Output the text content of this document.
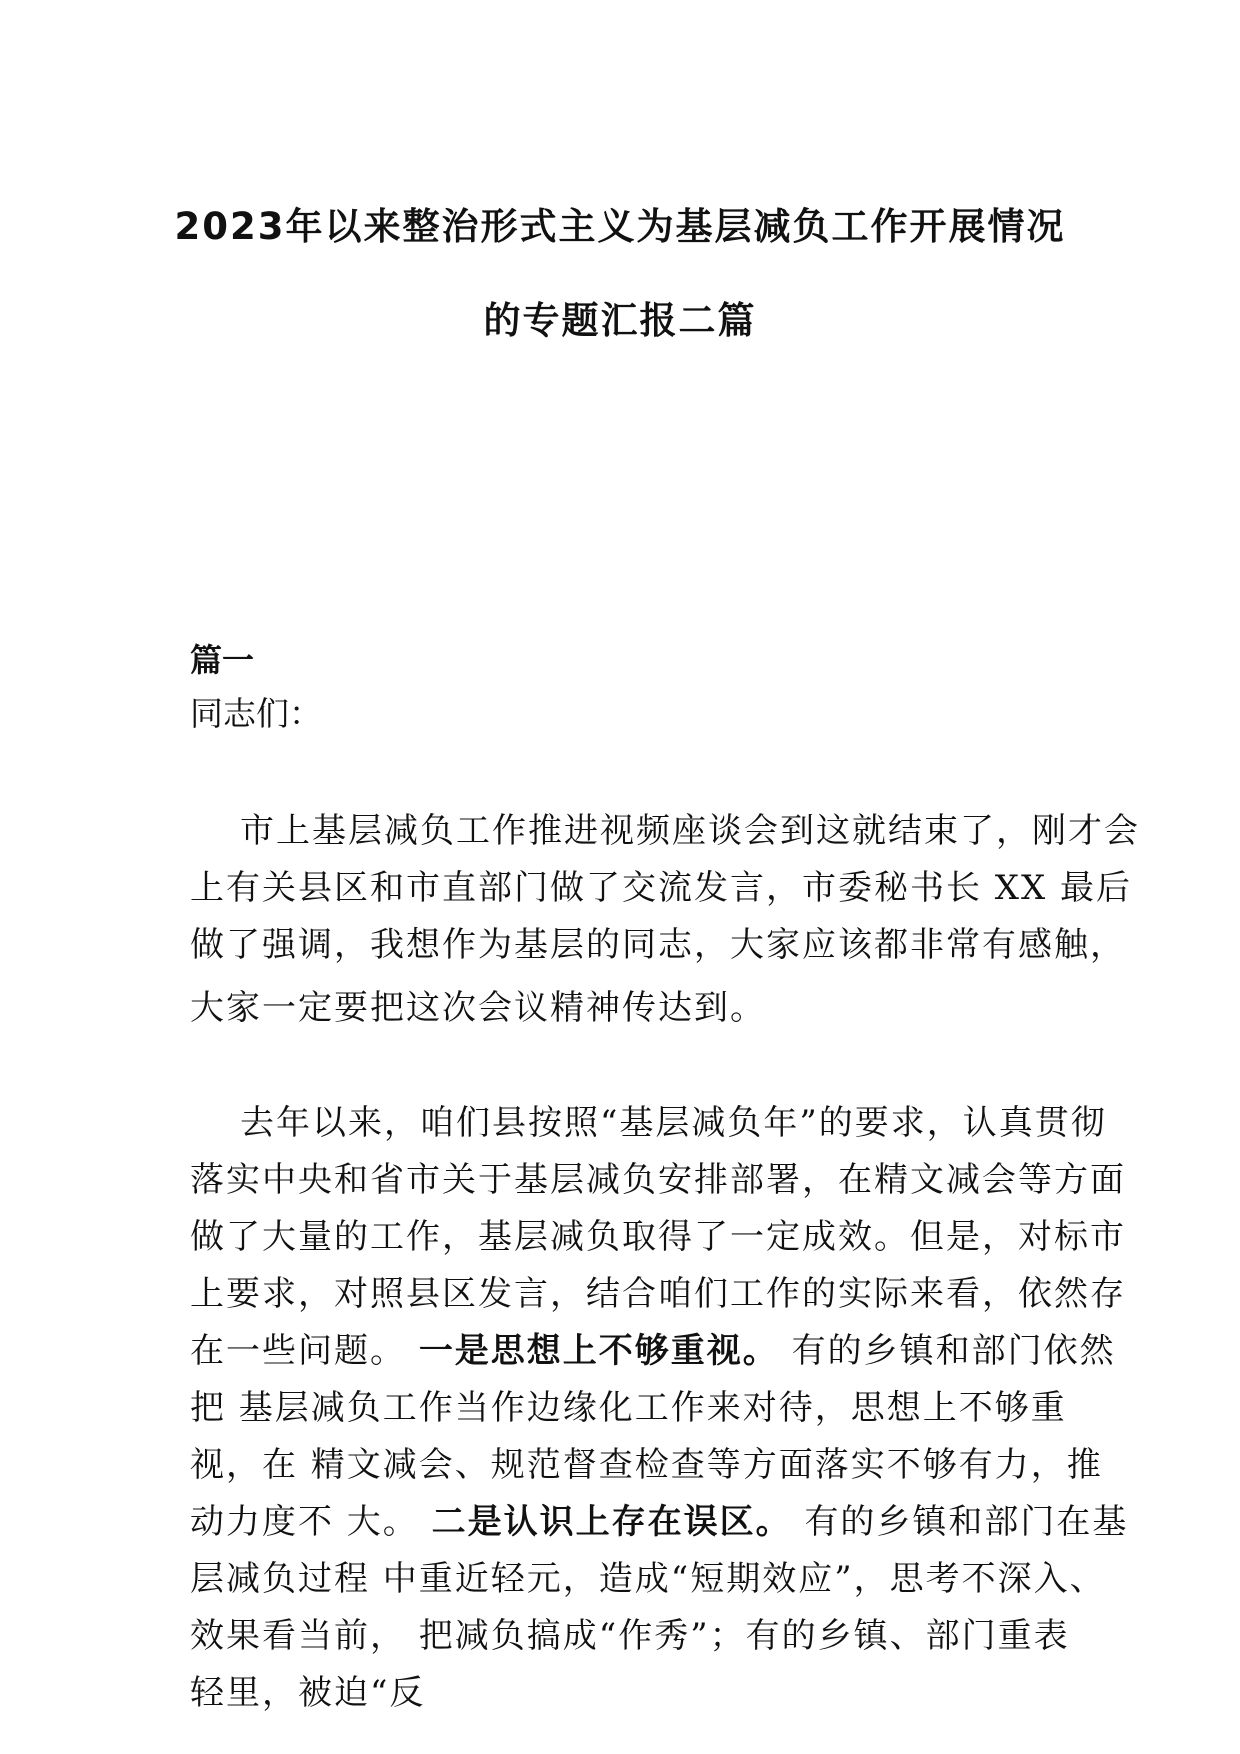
2023年以来整治形式主义为基层减负工作开展情况
的专题汇报二篇
篇一
同志们：
市上基层减负工作推进视频座谈会到这就结束了，刚才会
上有关县区和市直部门做了交流发言，市委秘书长 XX 最后
做了强调，我想作为基层的同志，大家应该都非常有感触，
大家一定要把这次会议精神传达到。
去年以来，咱们县按照“基层减负年”的要求，认真贯彻
落实中央和省市关于基层减负安排部署，在精文减会等方面
做了大量的工作，基层减负取得了一定成效。但是，对标市
上要求，对照县区发言，结合咱们工作的实际来看，依然存
在一些问题。 一是思想上不够重视。 有的乡镇和部门依然
把 基层减负工作当作边缘化工作来对待，思想上不够重
视，在 精文减会、规范督查检查等方面落实不够有力，推
动力度不 大。 二是认识上存在误区。 有的乡镇和部门在基
层减负过程 中重近轻元，造成“短期效应”，思考不深入、
效果看当前， 把减负搞成“作秀”；有的乡镇、部门重表
轻里，被迫“反
